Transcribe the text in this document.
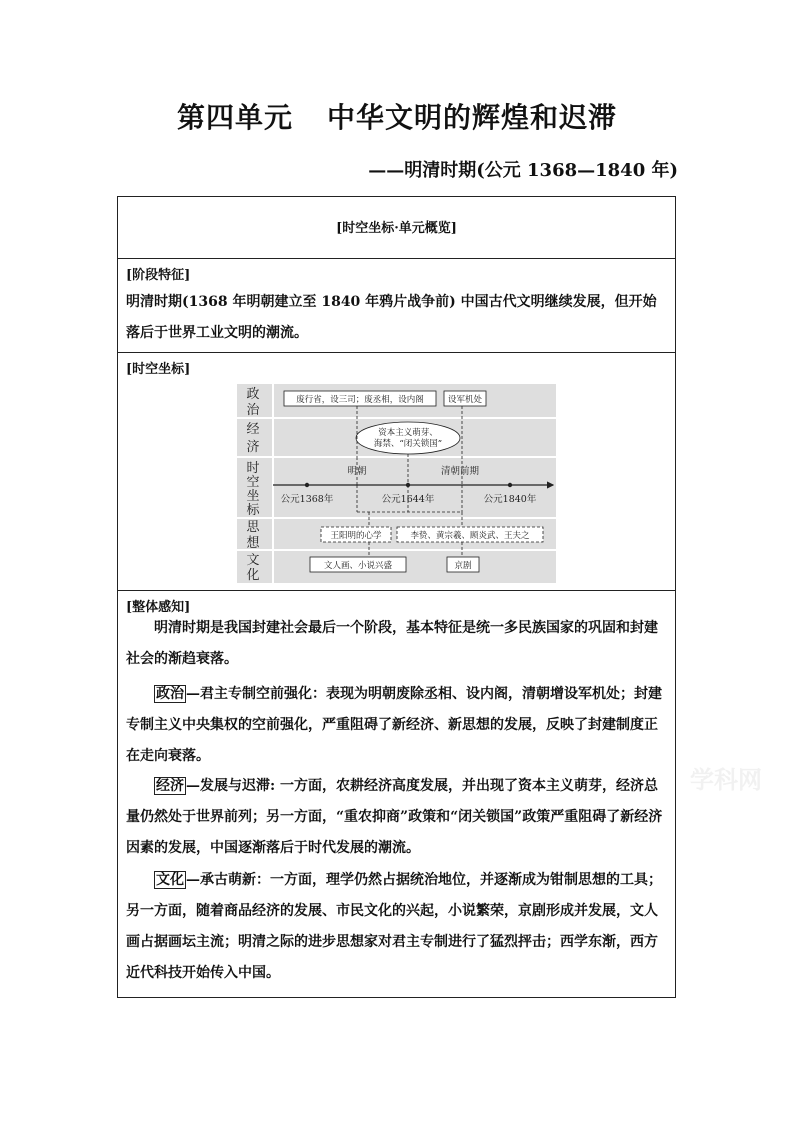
第四单元 中华文明的辉煌和迟滞
——明清时期(公元 1368—1840 年)
[时空坐标·单元概览]
[阶段特征]
明清时期(1368 年明朝建立至 1840 年鸦片战争前) 中国古代文明继续发展，但开始落后于世界工业文明的潮流。
[时空坐标]
[整体感知]
明清时期是我国封建社会最后一个阶段，基本特征是统一多民族国家的巩固和封建社会的渐趋衰落。
政治 —君主专制空前强化：表现为明朝废除丞相、设内阁，清朝增设军机处；封建专制主义中央集权的空前强化，严重阻碍了新经济、新思想的发展，反映了封建制度正在走向衰落。
经济 —发展与迟滞: 一方面，农耕经济高度发展，并出现了资本主义萌芽，经济总量仍然处于世界前列；另一方面，“重农抑商”政策和“闭关锁国”政策严重阻碍了新经济因素的发展，中国逐渐落后于时代发展的潮流。
文化 —承古萌新：一方面，理学仍然占据统治地位，并逐渐成为钳制思想的工具；另一方面，随着商品经济的发展、市民文化的兴起，小说繁荣，京剧形成并发展，文人画占据画坛主流；明清之际的进步思想家对君主专制进行了猛烈抨击；西学东渐，西方近代科技开始传入中国。
政
治
经
济
时
空
坐
标
思
想
文
化
废行省，设三司；废丞相，设内阁	设军机处
资本主义萌芽、
海禁、“闭关锁国”
明朝	清朝前期
公元1368年	公元1644年	公元1840年
王阳明的心学	李贽、黄宗羲、顾炎武、王夫之
文人画、小说兴盛	京剧
学科网
